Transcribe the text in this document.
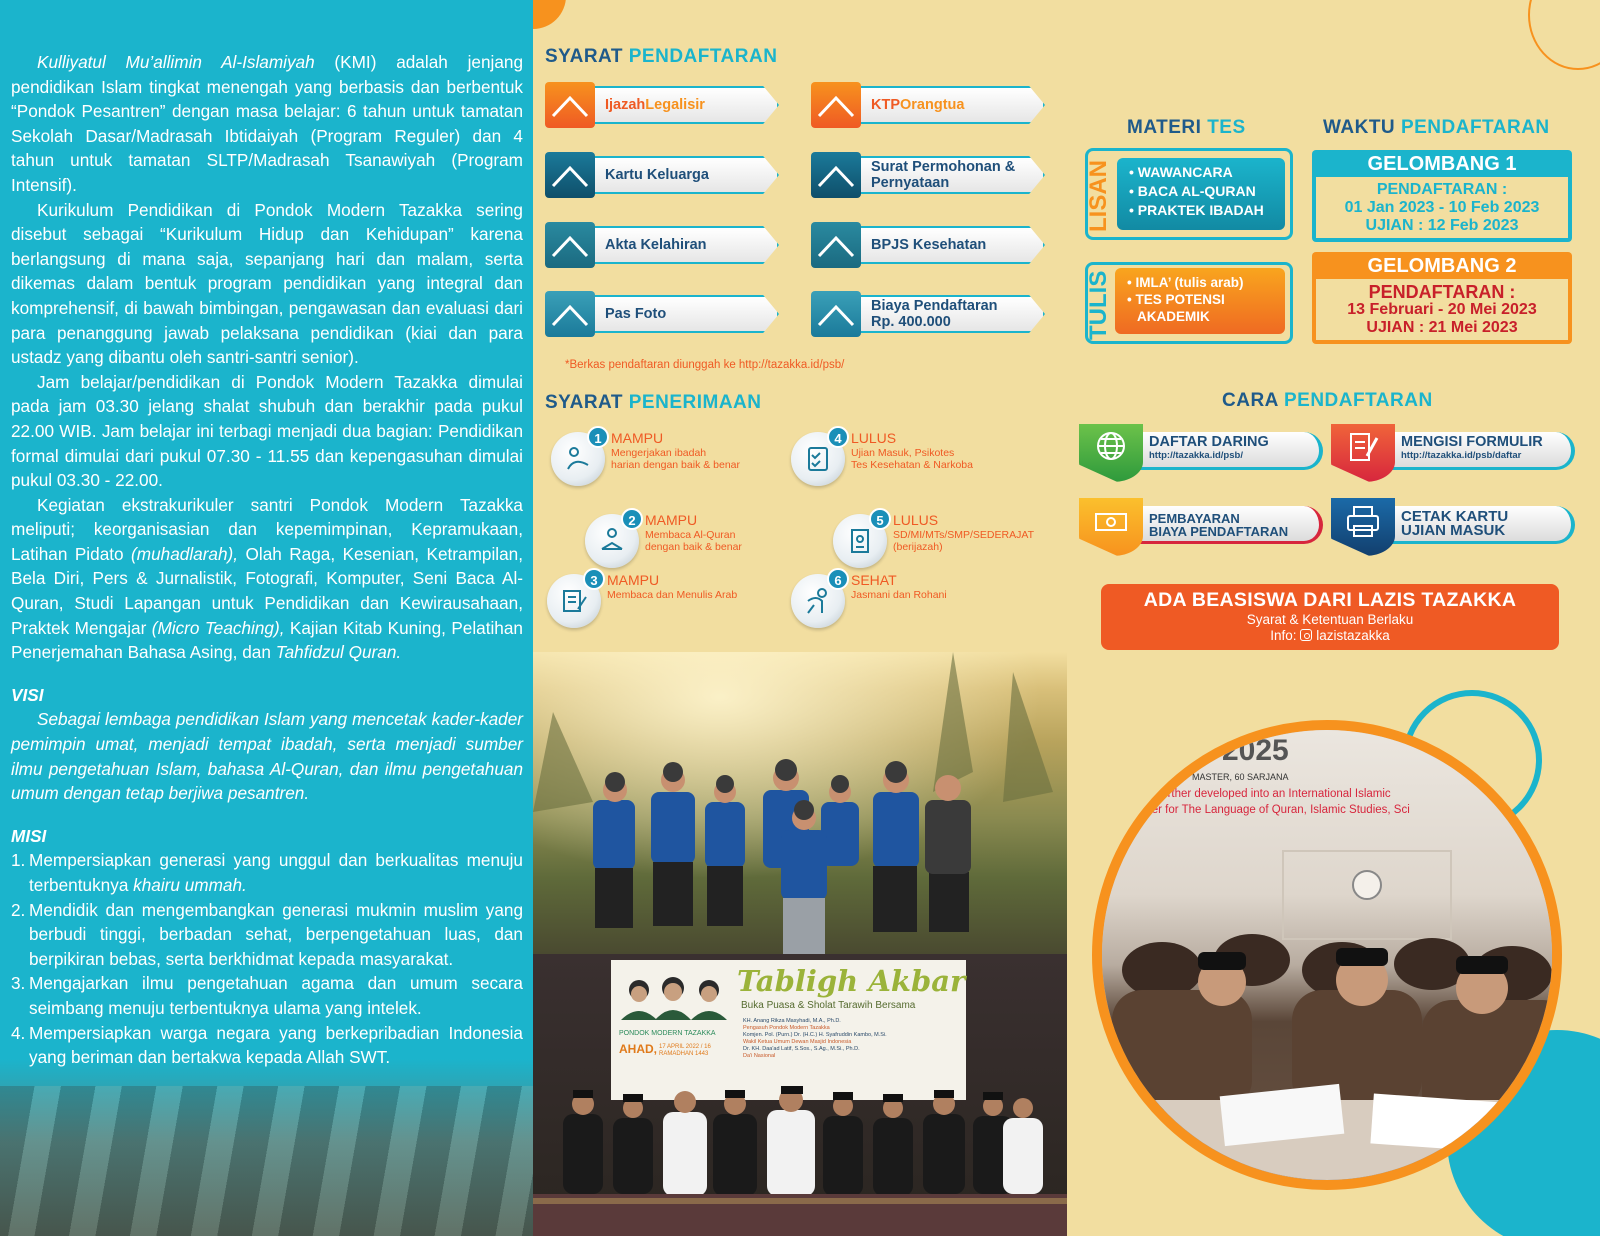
Kulliyatul Mu’allimin Al-Islamiyah (KMI) adalah jenjang pendidikan Islam tingkat menengah yang berbasis dan berbentuk “Pondok Pesantren” dengan masa belajar: 6 tahun untuk tamatan Sekolah Dasar/Madrasah Ibtidaiyah (Program Reguler) dan 4 tahun untuk tamatan SLTP/Madrasah Tsanawiyah (Program Intensif).

Kurikulum Pendidikan di Pondok Modern Tazakka sering disebut sebagai “Kurikulum Hidup dan Kehidupan” karena berlangsung di mana saja, sepanjang hari dan malam, serta dikemas dalam bentuk program pendidikan yang integral dan komprehensif, di bawah bimbingan, pengawasan dan evaluasi dari para penanggung jawab pelaksana pendidikan (kiai dan para ustadz yang dibantu oleh santri-santri senior).

Jam belajar/pendidikan di Pondok Modern Tazakka dimulai pada jam 03.30 jelang shalat shubuh dan berakhir pada pukul 22.00 WIB. Jam belajar ini terbagi menjadi dua bagian: Pendidikan formal dimulai dari pukul 07.30 - 11.55 dan kepengasuhan dimulai pukul 03.30 - 22.00.

Kegiatan ekstrakurikuler santri Pondok Modern Tazakka meliputi; keorganisasian dan kepemimpinan, Kepramukaan, Latihan Pidato (muhadlarah), Olah Raga, Kesenian, Ketrampilan, Bela Diri, Pers & Jurnalistik, Fotografi, Komputer, Seni Baca Al-Quran, Studi Lapangan untuk Pendidikan dan Kewirausahaan, Praktek Mengajar (Micro Teaching), Kajian Kitab Kuning, Pelatihan Penerjemahan Bahasa Asing, dan Tahfidzul Quran.

VISI

Sebagai lembaga pendidikan Islam yang mencetak kader-kader pemimpin umat, menjadi tempat ibadah, serta menjadi sumber ilmu pengetahuan Islam, bahasa Al-Quran, dan ilmu pengetahuan umum dengan tetap berjiwa pesantren.

MISI

1. Mempersiapkan generasi yang unggul dan berkualitas menuju terbentuknya khairu ummah.
2. Mendidik dan mengembangkan generasi mukmin muslim yang berbudi tinggi, berbadan sehat, berpengetahuan luas, dan berpikiran bebas, serta berkhidmat kepada masyarakat.
3. Mengajarkan ilmu pengetahuan agama dan umum secara seimbang menuju terbentuknya ulama yang intelek.
4. Mempersiapkan warga negara yang berkepribadian Indonesia yang beriman dan bertakwa kepada Allah SWT.
SYARAT PENDAFTARAN
Ijazah Legalisir	KTP Orangtua
Kartu Keluarga	Surat Permohonan & Pernyataan
Akta Kelahiran	BPJS Kesehatan
Pas Foto	Biaya Pendaftaran Rp. 400.000
*Berkas pendaftaran diunggah ke http://tazakka.id/psb/
SYARAT PENERIMAAN
1 MAMPU
Mengerjakan ibadah
harian dengan baik & benar
2 MAMPU
Membaca Al-Quran
dengan baik & benar
3 MAMPU
Membaca dan Menulis Arab
4 LULUS
Ujian Masuk, Psikotes
Tes Kesehatan & Narkoba
5 LULUS
SD/MI/MTs/SMP/SEDERAJAT
(berijazah)
6 SEHAT
Jasmani dan Rohani
Tabligh Akbar
Buka Puasa & Sholat Tarawih Bersama
KH. Anang Rikza Masyhadi, M.A., Ph.D.
Pengasuh Pondok Modern Tazakka
Komjen. Pol. (Purn.) Dr. (H.C.) H. Syafruddin Kambo, M.Si.
Wakil Ketua Umum Dewan Masjid Indonesia
Dr. KH. Daa'ad Latif, S.Sos., S.Ag., M.Si., Ph.D.
Da'i Nasional
PONDOK MODERN TAZAKKA
AHAD, 17 APRIL 2022 / 16 RAMADHAN 1443
MATERI TES
LISAN	• WAWANCARA
• BACA AL-QURAN
• PRAKTEK IBADAH
TULIS	• IMLA’ (tulis arab)
• TES POTENSI AKADEMIK
WAKTU PENDAFTARAN
GELOMBANG 1
PENDAFTARAN :
01 Jan 2023 - 10 Feb 2023
UJIAN : 12 Feb 2023
GELOMBANG 2
PENDAFTARAN :
13 Februari - 20 Mei 2023
UJIAN : 21 Mei 2023
CARA PENDAFTARAN
DAFTAR DARING
http://tazakka.id/psb/
MENGISI FORMULIR
http://tazakka.id/psb/daftar
PEMBAYARAN
BIAYA PENDAFTARAN
CETAK KARTU
UJIAN MASUK
ADA BEASISWA DARI LAZIS TAZAKKA
Syarat & Ketentuan Berlaku
Info: lazistazakka
2025
MASTER, 60 SARJANA
be further developed into an International Islamic
center for The Language of Quran, Islamic Studies, Sci
